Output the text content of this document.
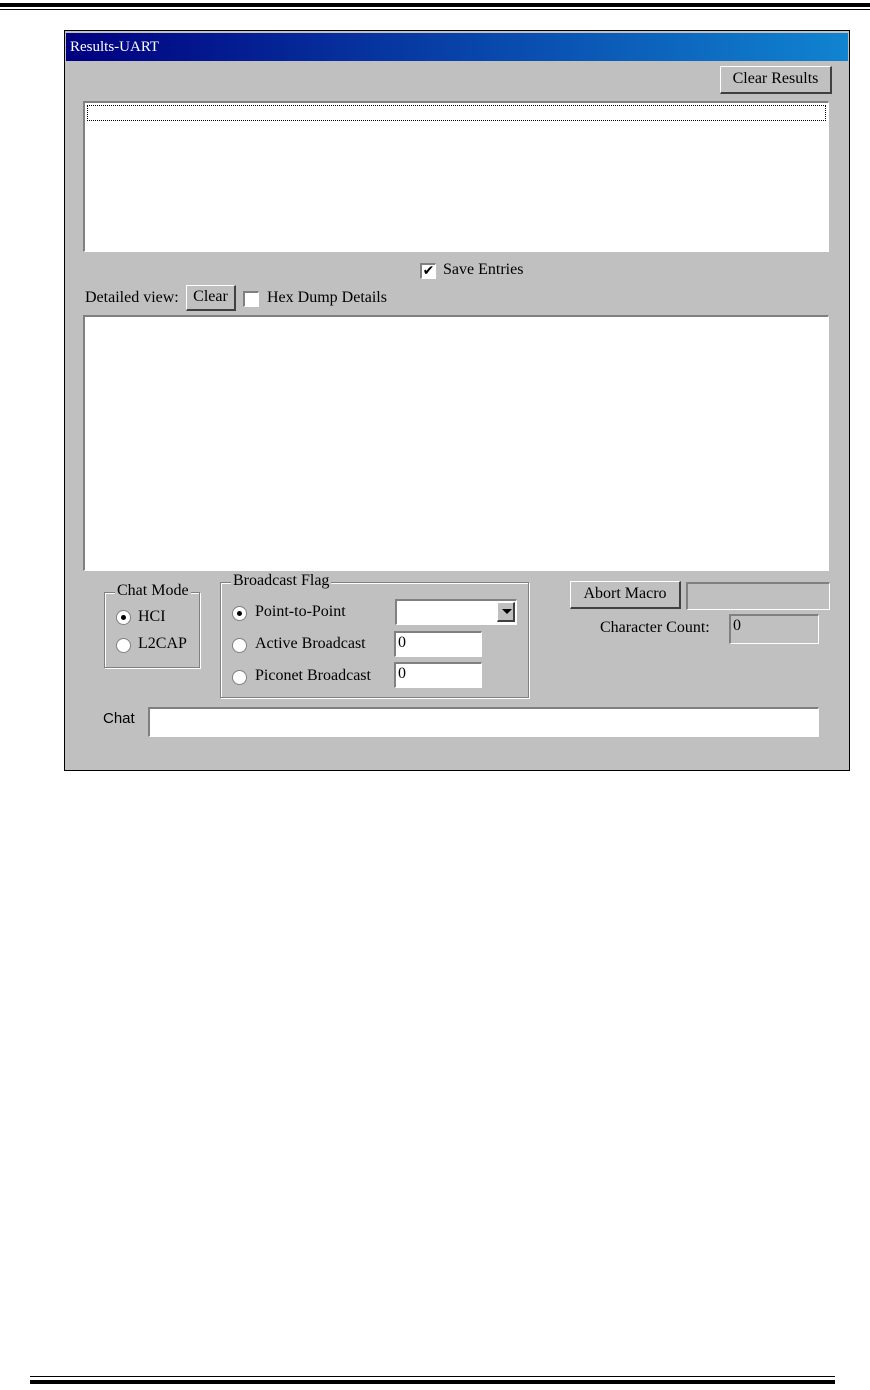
Results-UART
Clear Results
✔ Save Entries
Detailed view: Clear	Hex Dump Details
Chat Mode
HCI
L2CAP
Broadcast Flag
Point-to-Point
Active Broadcast 0
Piconet Broadcast 0
Abort Macro
Character Count: 0
Chat
